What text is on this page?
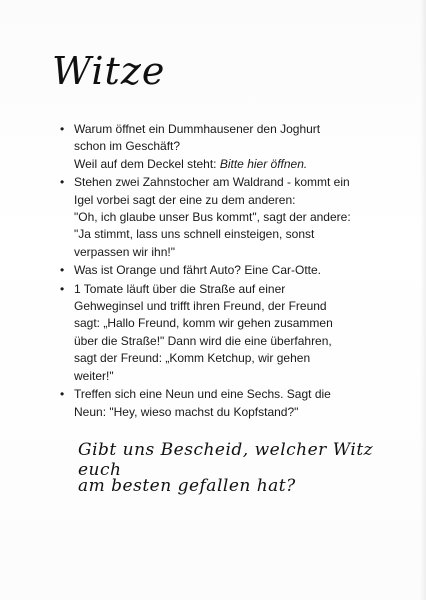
Witze
• Warum öffnet ein Dummhausener den Joghurt
schon im Geschäft?
Weil auf dem Deckel steht: Bitte hier öffnen.
• Stehen zwei Zahnstocher am Waldrand - kommt ein
Igel vorbei sagt der eine zu dem anderen:
"Oh, ich glaube unser Bus kommt", sagt der andere:
"Ja stimmt, lass uns schnell einsteigen, sonst
verpassen wir ihn!"
• Was ist Orange und fährt Auto? Eine Car-Otte.
• 1 Tomate läuft über die Straße auf einer
Gehweginsel und trifft ihren Freund, der Freund
sagt: „Hallo Freund, komm wir gehen zusammen
über die Straße!" Dann wird die eine überfahren,
sagt der Freund: „Komm Ketchup, wir gehen
weiter!"
• Treffen sich eine Neun und eine Sechs. Sagt die
Neun: "Hey, wieso machst du Kopfstand?"
Gibt uns Bescheid, welcher Witz euch
am besten gefallen hat?
